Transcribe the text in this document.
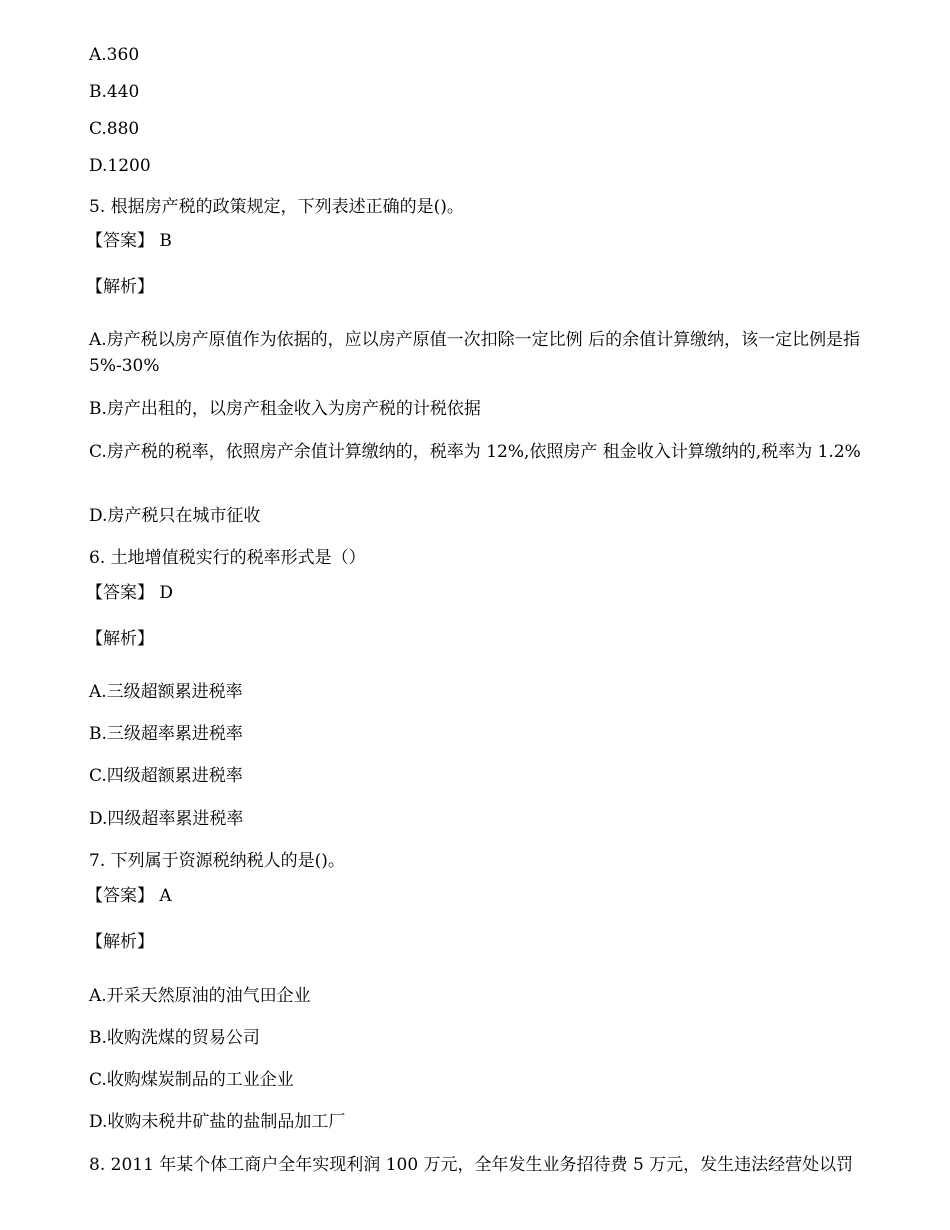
A.360
B.440
C.880
D.1200
5. 根据房产税的政策规定，下列表述正确的是()。
【答案】 B
【解析】
A.房产税以房产原值作为依据的，应以房产原值一次扣除一定比例 后的余值计算缴纳，该一定比例是指 5%-30%
B.房产出租的，以房产租金收入为房产税的计税依据
C.房产税的税率，依照房产余值计算缴纳的，税率为 12%,依照房产 租金收入计算缴纳的,税率为 1.2%
D.房产税只在城市征收
6. 土地增值税实行的税率形式是（）
【答案】 D
【解析】
A.三级超额累进税率
B.三级超率累进税率
C.四级超额累进税率
D.四级超率累进税率
7. 下列属于资源税纳税人的是()。
【答案】 A
【解析】
A.开采天然原油的油气田企业
B.收购洗煤的贸易公司
C.收购煤炭制品的工业企业
D.收购未税井矿盐的盐制品加工厂
8. 2011 年某个体工商户全年实现利润 100 万元，全年发生业务招待费 5 万元，发生违法经营处以罚
